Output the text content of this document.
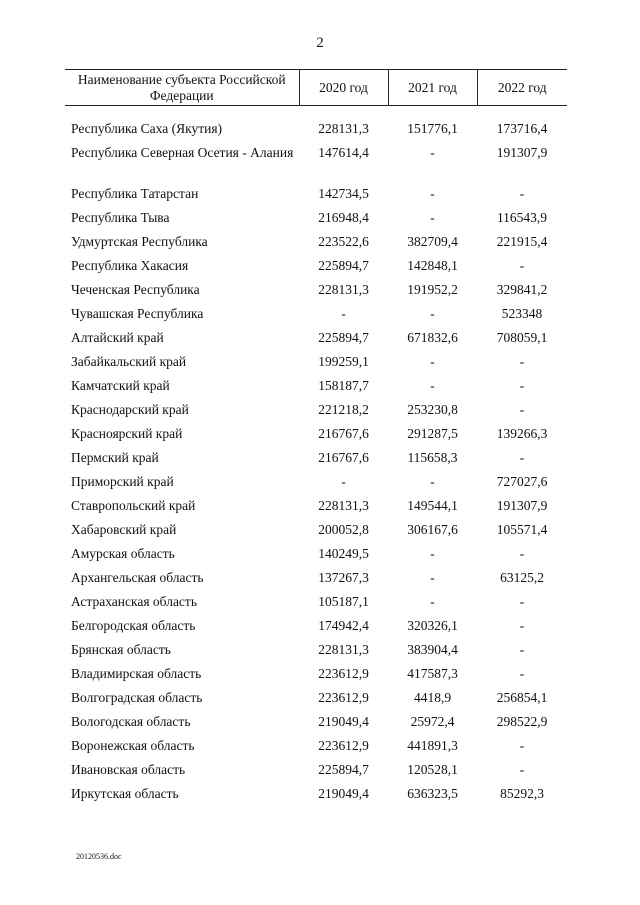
2
Наименование субъекта Российской Федерации	2020 год	2021 год	2022 год

Республика Саха (Якутия)	228131,3	151776,1	173716,4
Республика Северная Осетия - Алания	147614,4	-	191307,9
Республика Татарстан	142734,5	-	-
Республика Тыва	216948,4	-	116543,9
Удмуртская Республика	223522,6	382709,4	221915,4
Республика Хакасия	225894,7	142848,1	-
Чеченская Республика	228131,3	191952,2	329841,2
Чувашская Республика	-	-	523348
Алтайский край	225894,7	671832,6	708059,1
Забайкальский край	199259,1	-	-
Камчатский край	158187,7	-	-
Краснодарский край	221218,2	253230,8	-
Красноярский край	216767,6	291287,5	139266,3
Пермский край	216767,6	115658,3	-
Приморский край	-	-	727027,6
Ставропольский край	228131,3	149544,1	191307,9
Хабаровский край	200052,8	306167,6	105571,4
Амурская область	140249,5	-	-
Архангельская область	137267,3	-	63125,2
Астраханская область	105187,1	-	-
Белгородская область	174942,4	320326,1	-
Брянская область	228131,3	383904,4	-
Владимирская область	223612,9	417587,3	-
Волгоградская область	223612,9	4418,9	256854,1
Вологодская область	219049,4	25972,4	298522,9
Воронежская область	223612,9	441891,3	-
Ивановская область	225894,7	120528,1	-
Иркутская область	219049,4	636323,5	85292,3
20120536.doc
